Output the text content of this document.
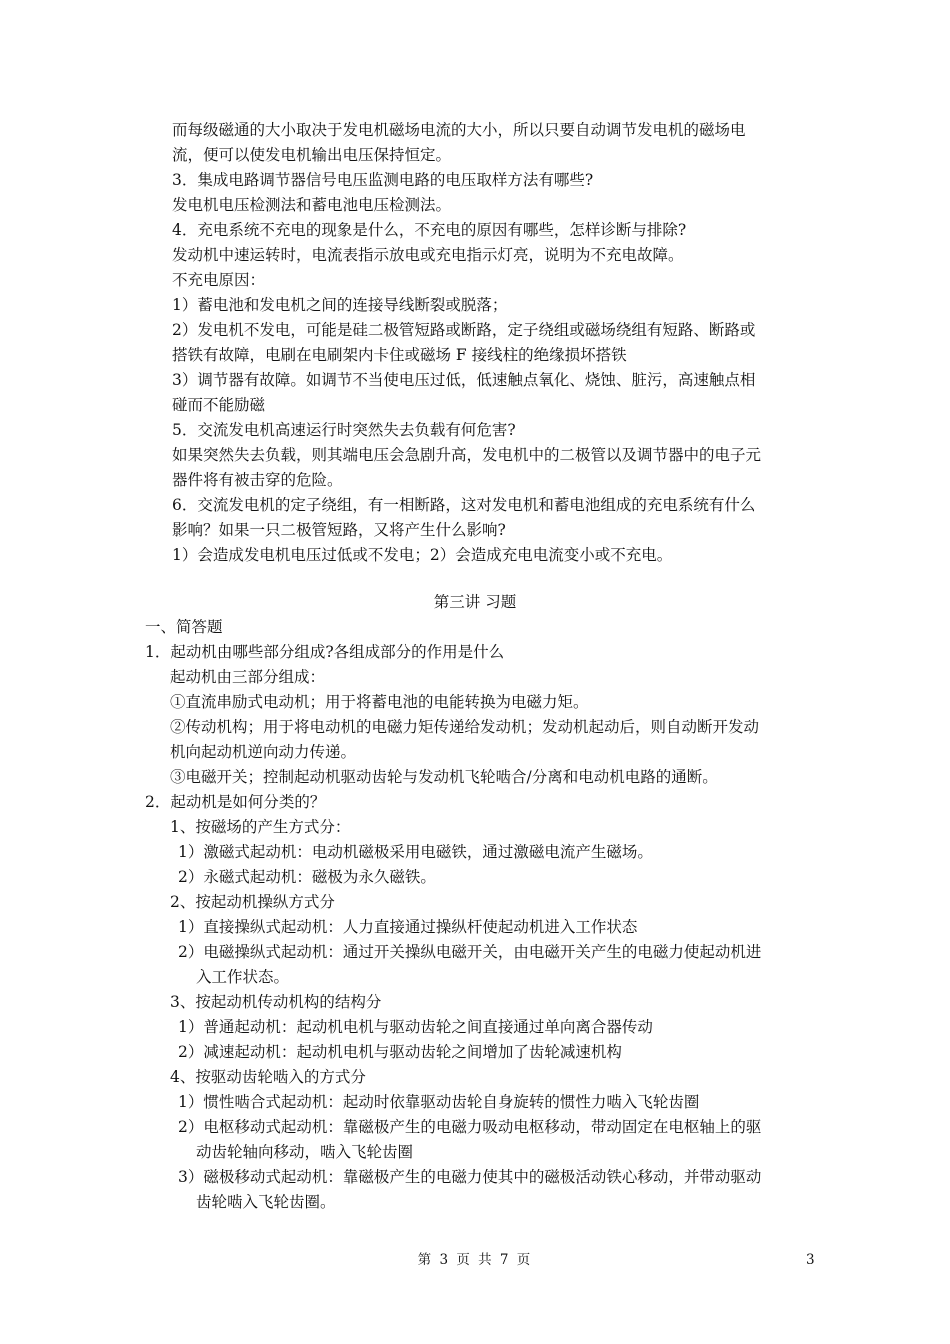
而每级磁通的大小取决于发电机磁场电流的大小，所以只要自动调节发电机的磁场电
流，便可以使发电机输出电压保持恒定。
3．集成电路调节器信号电压监测电路的电压取样方法有哪些?
发电机电压检测法和蓄电池电压检测法。
4．充电系统不充电的现象是什么，不充电的原因有哪些，怎样诊断与排除?
发动机中速运转时，电流表指示放电或充电指示灯亮，说明为不充电故障。
不充电原因：
1）蓄电池和发电机之间的连接导线断裂或脱落；
2）发电机不发电，可能是硅二极管短路或断路，定子绕组或磁场绕组有短路、断路或
搭铁有故障，电刷在电刷架内卡住或磁场 F 接线柱的绝缘损坏搭铁
3）调节器有故障。如调节不当使电压过低，低速触点氧化、烧蚀、脏污，高速触点相
碰而不能励磁
5．交流发电机高速运行时突然失去负载有何危害?
如果突然失去负载，则其端电压会急剧升高，发电机中的二极管以及调节器中的电子元
器件将有被击穿的危险。
6．交流发电机的定子绕组，有一相断路，这对发电机和蓄电池组成的充电系统有什么
影响？如果一只二极管短路，又将产生什么影响?
1）会造成发电机电压过低或不发电；2）会造成充电电流变小或不充电。
第三讲 习题
一、简答题
1．起动机由哪些部分组成?各组成部分的作用是什么
起动机由三部分组成：
①直流串励式电动机；用于将蓄电池的电能转换为电磁力矩。
②传动机构；用于将电动机的电磁力矩传递给发动机；发动机起动后，则自动断开发动
机向起动机逆向动力传递。
③电磁开关；控制起动机驱动齿轮与发动机飞轮啮合/分离和电动机电路的通断。
2．起动机是如何分类的？
1、按磁场的产生方式分：
1）激磁式起动机：电动机磁极采用电磁铁，通过激磁电流产生磁场。
2）永磁式起动机：磁极为永久磁铁。
2、按起动机操纵方式分
1）直接操纵式起动机：人力直接通过操纵杆使起动机进入工作状态
2）电磁操纵式起动机：通过开关操纵电磁开关，由电磁开关产生的电磁力使起动机进
入工作状态。
3、按起动机传动机构的结构分
1）普通起动机：起动机电机与驱动齿轮之间直接通过单向离合器传动
2）减速起动机：起动机电机与驱动齿轮之间增加了齿轮减速机构
4、按驱动齿轮啮入的方式分
1）惯性啮合式起动机：起动时依靠驱动齿轮自身旋转的惯性力啮入飞轮齿圈
2）电枢移动式起动机：靠磁极产生的电磁力吸动电枢移动，带动固定在电枢轴上的驱
动齿轮轴向移动，啮入飞轮齿圈
3）磁极移动式起动机：靠磁极产生的电磁力使其中的磁极活动铁心移动，并带动驱动
齿轮啮入飞轮齿圈。
第 3 页 共 7 页	3
